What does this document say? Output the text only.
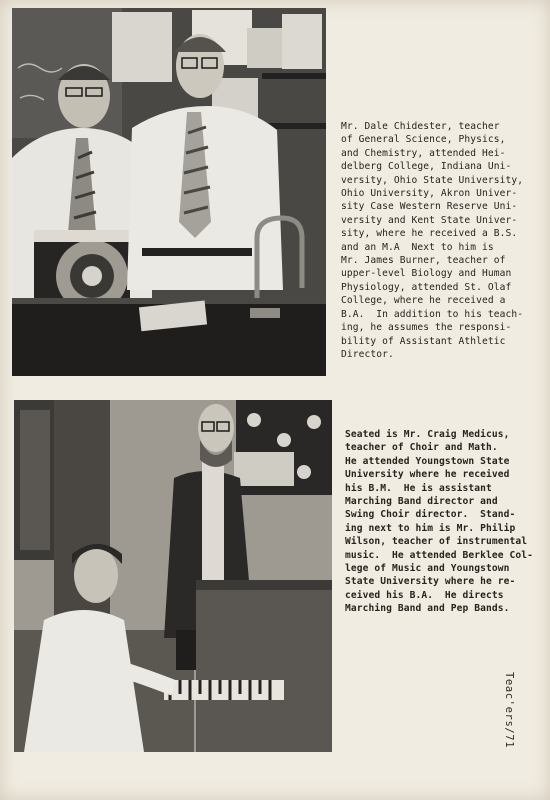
Mr. Dale Chidester, teacher
of General Science, Physics,
and Chemistry, attended Hei-
delberg College, Indiana Uni-
versity, Ohio State University,
Ohio University, Akron Univer-
sity Case Western Reserve Uni-
versity and Kent State Univer-
sity, where he received a B.S.
and an M.A  Next to him is
Mr. James Burner, teacher of
upper-level Biology and Human
Physiology, attended St. Olaf
College, where he received a
B.A.  In addition to his teach-
ing, he assumes the responsi-
bility of Assistant Athletic
Director.
Seated is Mr. Craig Medicus,
teacher of Choir and Math.
He attended Youngstown State
University where he received
his B.M.  He is assistant
Marching Band director and
Swing Choir director.  Stand-
ing next to him is Mr. Philip
Wilson, teacher of instrumental
music.  He attended Berklee Col-
lege of Music and Youngstown
State University where he re-
ceived his B.A.  He directs
Marching Band and Pep Bands.
Teac'ers/71
